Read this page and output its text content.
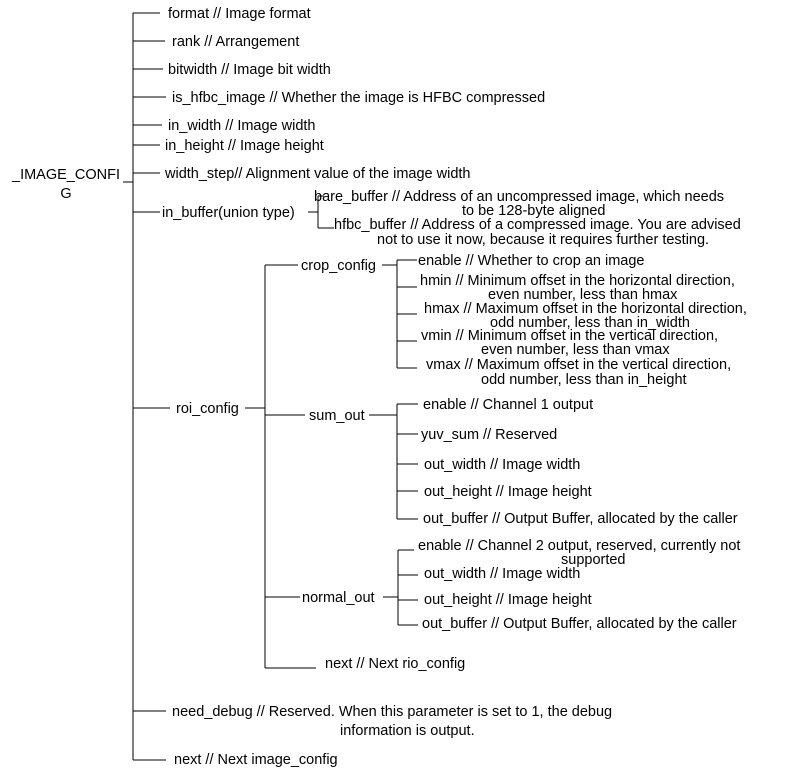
_IMAGE_CONFI
G
format // Image format
rank // Arrangement
bitwidth // Image bit width
is_hfbc_image // Whether the image is HFBC compressed
in_width // Image width
in_height // Image height
width_step// Alignment value of the image width
in_buffer(union type)
roi_config
need_debug // Reserved. When this parameter is set to 1, the debug
information is output.
next // Next image_config
bare_buffer // Address of an uncompressed image, which needs
to be 128-byte aligned
hfbc_buffer // Address of a compressed image. You are advised
not to use it now, because it requires further testing.
crop_config
sum_out
normal_out
next // Next rio_config
enable // Whether to crop an image
hmin // Minimum offset in the horizontal direction,
even number, less than hmax
hmax // Maximum offset in the horizontal direction,
odd number, less than in_width
vmin // Minimum offset in the vertical direction,
even number, less than vmax
vmax // Maximum offset in the vertical direction,
odd number, less than in_height
enable // Channel 1 output
yuv_sum // Reserved
out_width // Image width
out_height // Image height
out_buffer // Output Buffer, allocated by the caller
enable // Channel 2 output, reserved, currently not
supported
out_width // Image width
out_height // Image height
out_buffer // Output Buffer, allocated by the caller
